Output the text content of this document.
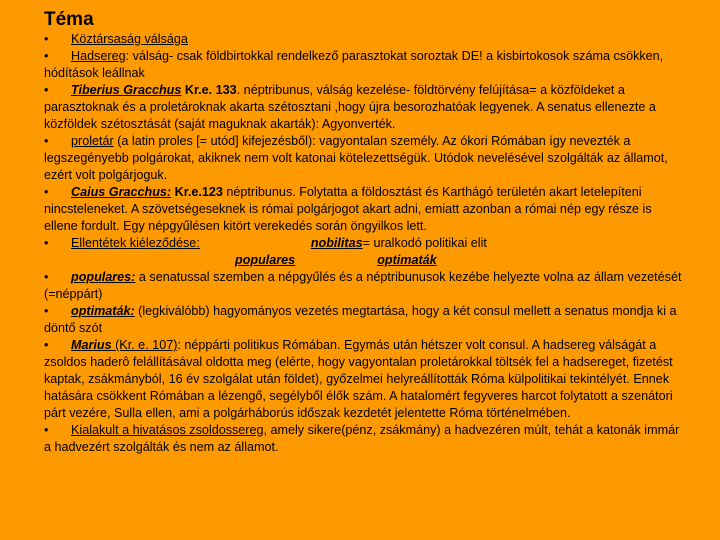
Téma

• Köztársaság válsága

• Hadsereg: válság- csak földbirtokkal rendelkező parasztokat soroztak DE! a kisbirtokosok száma csökken, hódítások leállnak

• Tiberius Gracchus Kr.e. 133. néptribunus, válság kezelése- földtörvény felújítása= a közföldeket a parasztoknak és a proletároknak akarta szétosztani ,hogy újra besorozhatóak legyenek. A senatus ellenezte a közföldek szétosztását (saját maguknak akarták): Agyonverték.

• proletár (a latin proles [= utód] kifejezésből): vagyontalan személy. Az ókori Rómában így nevezték a legszegényebb polgárokat, akiknek nem volt katonai kötelezettségük. Utódok nevelésével szolgálták az államot, ezért volt polgárjoguk.

• Caius Gracchus: Kr.e.123 néptribunus. Folytatta a földosztást és Karthágó területén akart letelepíteni nincsteleneket. A szövetségeseknek is római polgárjogot akart adni, emiatt azonban a római nép egy része is ellene fordult. Egy népgyűlésen kitört verekedés során öngyilkos lett.

• Ellentétek kiéleződése:	nobilitas= uralkodó politikai elit

populares	optimaták

• populares: a senatussal szemben a népgyűlés és a néptribunusok kezébe helyezte volna az állam vezetését (=néppárt)

• optimaták: (legkiválóbb) hagyományos vezetés megtartása, hogy a két consul mellett a senatus mondja ki a döntő szót

• Marius (Kr. e. 107): néppárti politikus Rómában. Egymás után hétszer volt consul. A hadsereg válságát a zsoldos haderô felállításával oldotta meg (elérte, hogy vagyontalan proletárokkal töltsék fel a hadsereget, fizetést kaptak, zsákmányból, 16 év szolgálat után földet), győzelmei helyreállították Róma külpolitikai tekintélyét. Ennek hatására csökkent Rómában a lézengő, segélyből élők szám. A hatalomért fegyveres harcot folytatott a szenátori párt vezére, Sulla ellen, ami a polgárháborús időszak kezdetét jelentette Róma történelmében.

• Kialakult a hivatásos zsoldossereg, amely sikere(pénz, zsákmány) a hadvezéren múlt, tehát a katonák immár a hadvezért szolgálták és nem az államot.
